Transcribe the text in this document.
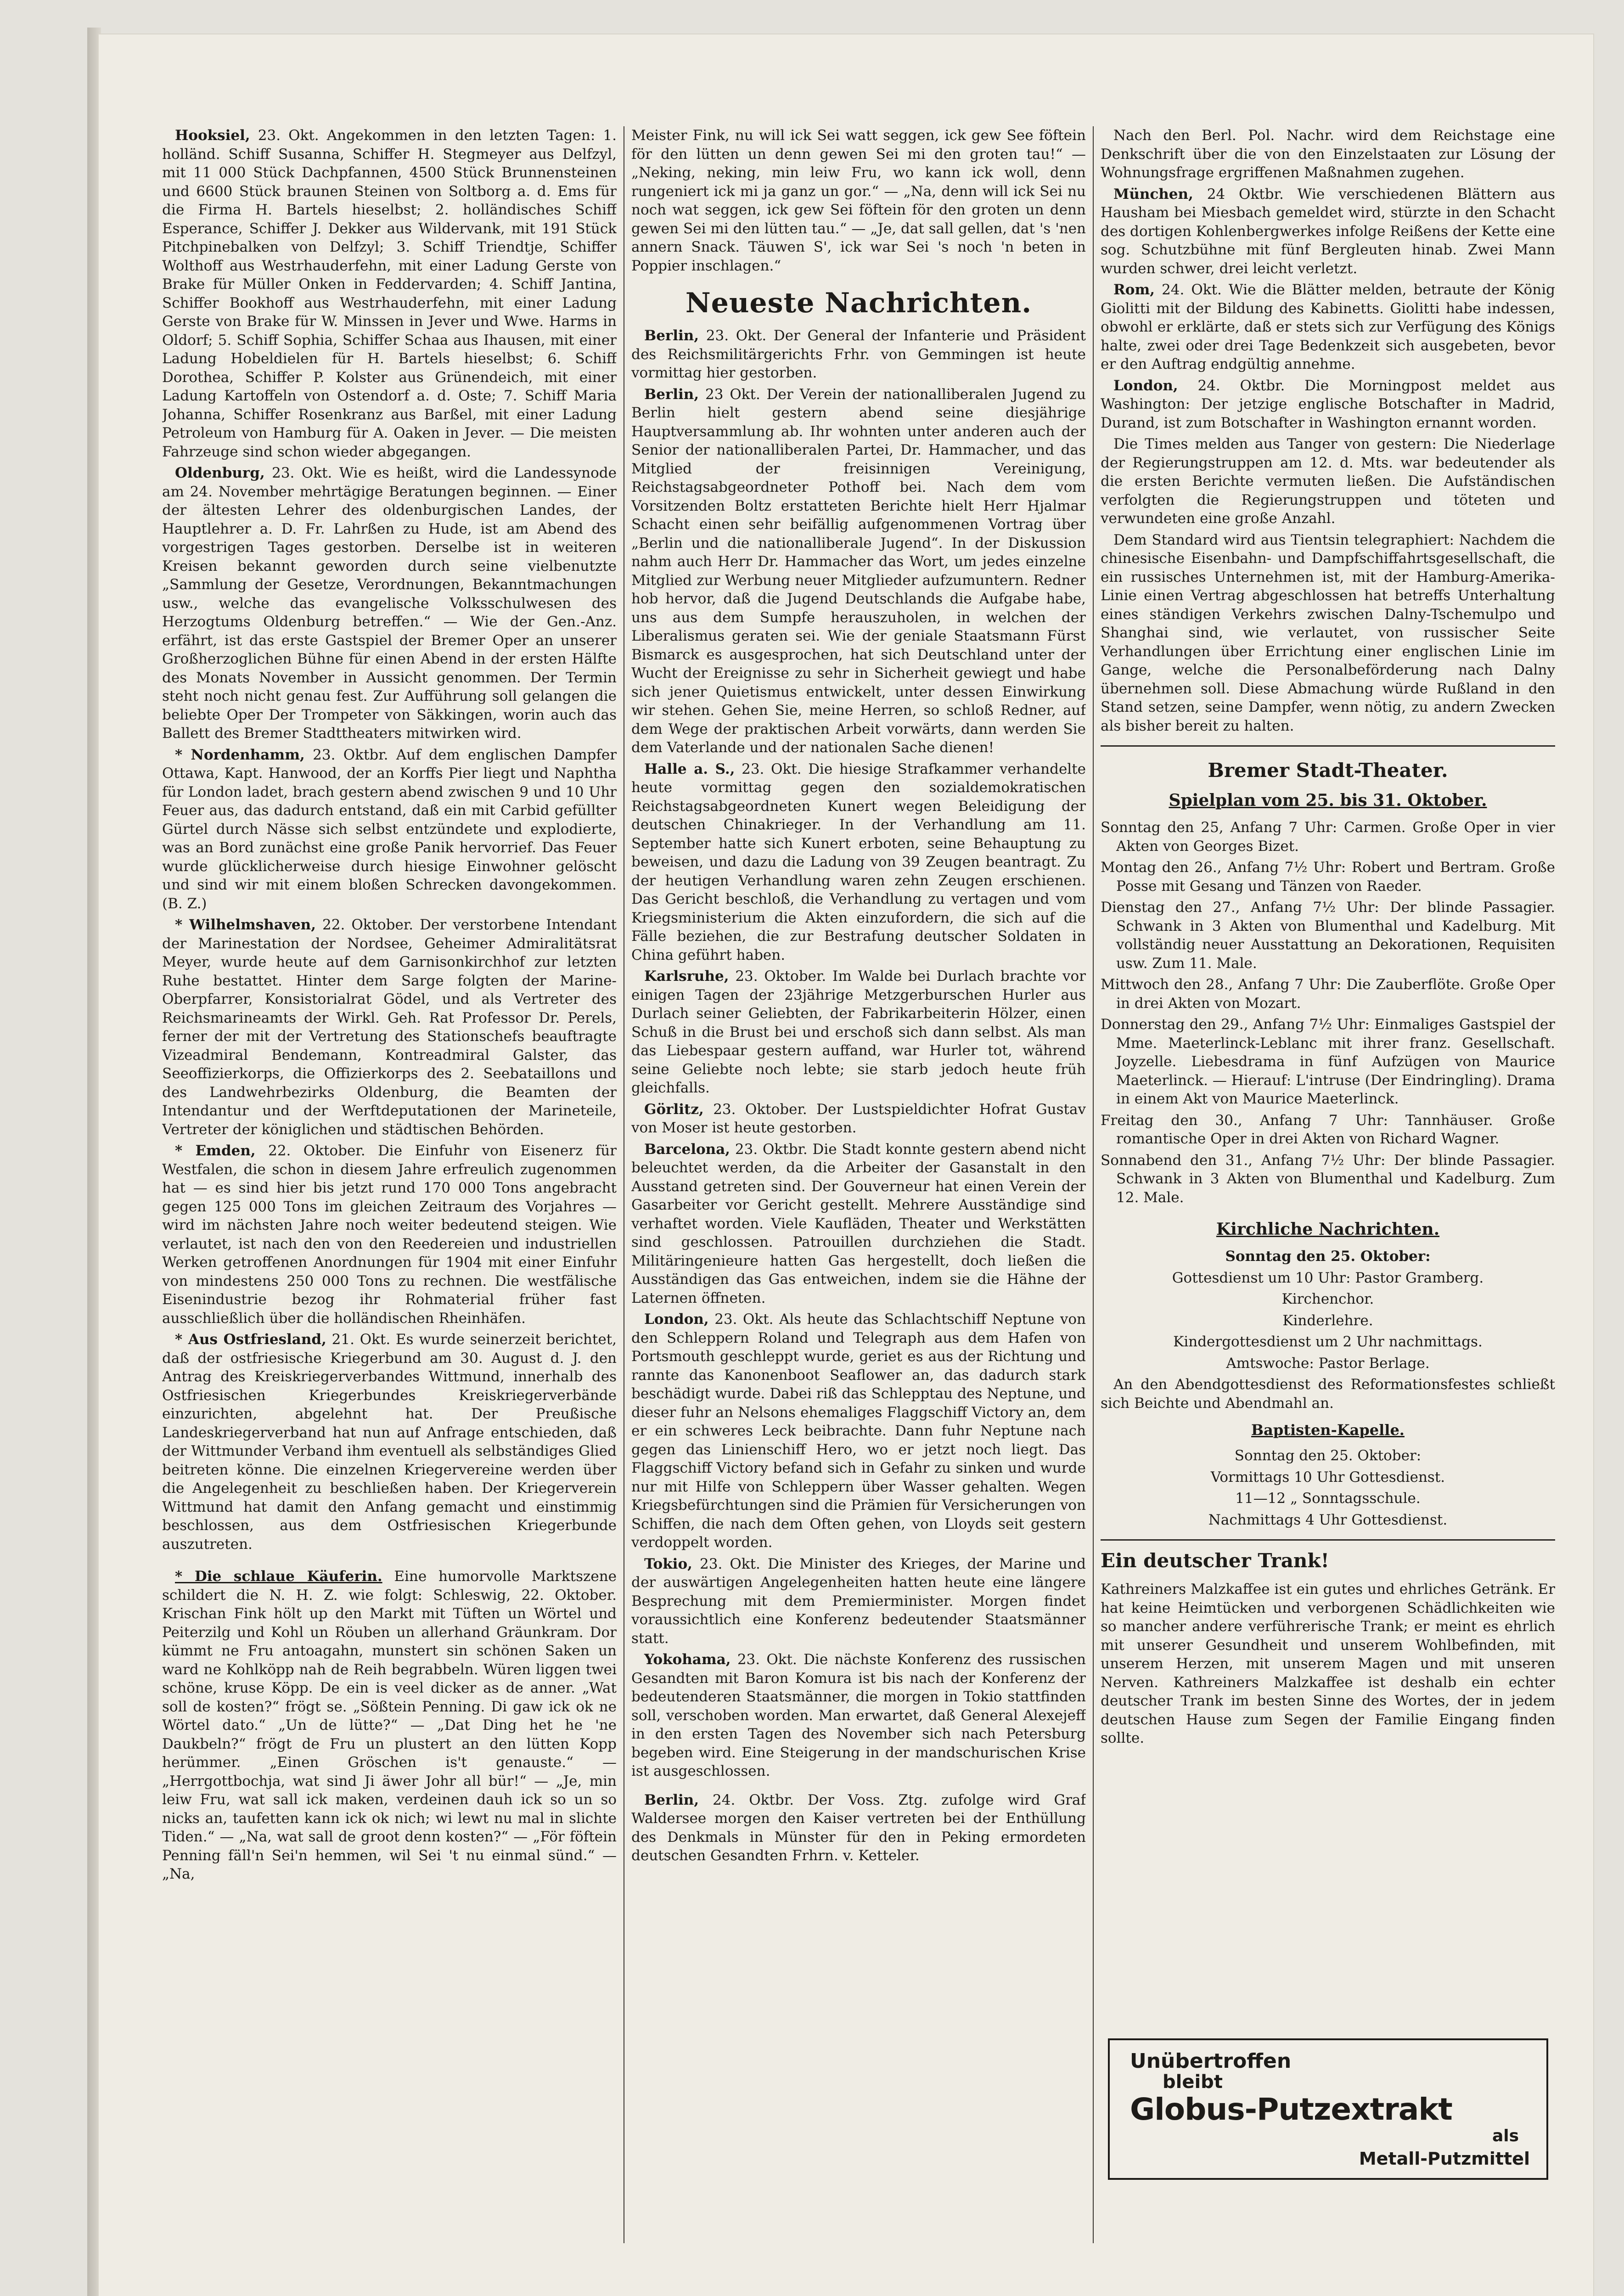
Hooksiel, 23. Okt. Angekommen in den letzten Tagen: 1. holländ. Schiff Susanna, Schiffer H. Stegmeyer aus Delfzyl, mit 11 000 Stück Dachpfannen, 4500 Stück Brunnensteinen und 6600 Stück braunen Steinen von Soltborg a. d. Ems für die Firma H. Bartels hieselbst; 2. holländisches Schiff Esperance, Schiffer J. Dekker aus Wildervank, mit 191 Stück Pitchpinebalken von Delfzyl; 3. Schiff Triendtje, Schiffer Wolthoff aus Westrhauderfehn, mit einer Ladung Gerste von Brake für Müller Onken in Feddervarden; 4. Schiff Jantina, Schiffer Bookhoff aus Westrhauderfehn, mit einer Ladung Gerste von Brake für W. Minssen in Jever und Wwe. Harms in Oldorf; 5. Schiff Sophia, Schiffer Schaa aus Ihausen, mit einer Ladung Hobeldielen für H. Bartels hieselbst; 6. Schiff Dorothea, Schiffer P. Kolster aus Grünendeich, mit einer Ladung Kartoffeln von Ostendorf a. d. Oste; 7. Schiff Maria Johanna, Schiffer Rosenkranz aus Barßel, mit einer Ladung Petroleum von Hamburg für A. Oaken in Jever. — Die meisten Fahrzeuge sind schon wieder abgegangen.

Oldenburg, 23. Okt. Wie es heißt, wird die Landessynode am 24. November mehrtägige Beratungen beginnen. — Einer der ältesten Lehrer des oldenburgischen Landes, der Hauptlehrer a. D. Fr. Lahrßen zu Hude, ist am Abend des vorgestrigen Tages gestorben. Derselbe ist in weiteren Kreisen bekannt geworden durch seine vielbenutzte „Sammlung der Gesetze, Verordnungen, Bekanntmachungen usw., welche das evangelische Volksschulwesen des Herzogtums Oldenburg betreffen.“ — Wie der Gen.-Anz. erfährt, ist das erste Gastspiel der Bremer Oper an unserer Großherzoglichen Bühne für einen Abend in der ersten Hälfte des Monats November in Aussicht genommen. Der Termin steht noch nicht genau fest. Zur Aufführung soll gelangen die beliebte Oper Der Trompeter von Säkkingen, worin auch das Ballett des Bremer Stadttheaters mitwirken wird.

* Nordenhamm, 23. Oktbr. Auf dem englischen Dampfer Ottawa, Kapt. Hanwood, der an Korffs Pier liegt und Naphtha für London ladet, brach gestern abend zwischen 9 und 10 Uhr Feuer aus, das dadurch entstand, daß ein mit Carbid gefüllter Gürtel durch Nässe sich selbst entzündete und explodierte, was an Bord zunächst eine große Panik hervorrief. Das Feuer wurde glücklicherweise durch hiesige Einwohner gelöscht und sind wir mit einem bloßen Schrecken davongekommen. (B. Z.)

* Wilhelmshaven, 22. Oktober. Der verstorbene Intendant der Marinestation der Nordsee, Geheimer Admiralitätsrat Meyer, wurde heute auf dem Garnisonkirchhof zur letzten Ruhe bestattet. Hinter dem Sarge folgten der Marine-Oberpfarrer, Konsistorialrat Gödel, und als Vertreter des Reichsmarineamts der Wirkl. Geh. Rat Professor Dr. Perels, ferner der mit der Vertretung des Stationschefs beauftragte Vizeadmiral Bendemann, Kontreadmiral Galster, das Seeoffizierkorps, die Offizierkorps des 2. Seebataillons und des Landwehrbezirks Oldenburg, die Beamten der Intendantur und der Werftdeputationen der Marineteile, Vertreter der königlichen und städtischen Behörden.

* Emden, 22. Oktober. Die Einfuhr von Eisenerz für Westfalen, die schon in diesem Jahre erfreulich zugenommen hat — es sind hier bis jetzt rund 170 000 Tons angebracht gegen 125 000 Tons im gleichen Zeitraum des Vorjahres — wird im nächsten Jahre noch weiter bedeutend steigen. Wie verlautet, ist nach den von den Reedereien und industriellen Werken getroffenen Anordnungen für 1904 mit einer Einfuhr von mindestens 250 000 Tons zu rechnen. Die westfälische Eisenindustrie bezog ihr Rohmaterial früher fast ausschließlich über die holländischen Rheinhäfen.

* Aus Ostfriesland, 21. Okt. Es wurde seinerzeit berichtet, daß der ostfriesische Kriegerbund am 30. August d. J. den Antrag des Kreiskriegerverbandes Wittmund, innerhalb des Ostfriesischen Kriegerbundes Kreiskriegerverbände einzurichten, abgelehnt hat. Der Preußische Landeskriegerverband hat nun auf Anfrage entschieden, daß der Wittmunder Verband ihm eventuell als selbständiges Glied beitreten könne. Die einzelnen Kriegervereine werden über die Angelegenheit zu beschließen haben. Der Kriegerverein Wittmund hat damit den Anfang gemacht und einstimmig beschlossen, aus dem Ostfriesischen Kriegerbunde auszutreten.

* Die schlaue Käuferin. Eine humorvolle Marktszene schildert die N. H. Z. wie folgt: Schleswig, 22. Oktober. Krischan Fink hölt up den Markt mit Tüften un Wörtel und Peiterzilg und Kohl un Röuben un allerhand Gräunkram. Dor kümmt ne Fru antoagahn, munstert sin schönen Saken un ward ne Kohlköpp nah de Reih begrabbeln. Würen liggen twei schöne, kruse Köpp. De ein is veel dicker as de anner. „Wat soll de kosten?“ frögt se. „Sößtein Penning. Di gaw ick ok ne Wörtel dato.“ „Un de lütte?“ — „Dat Ding het he 'ne Daukbeln?“ frögt de Fru un plustert an den lütten Kopp herümmer. „Einen Gröschen is't genauste.“ — „Herrgottbochja, wat sind Ji äwer Johr all bür!“ — „Je, min leiw Fru, wat sall ick maken, verdeinen dauh ick so un so nicks an, taufetten kann ick ok nich; wi lewt nu mal in slichte Tiden.“ — „Na, wat sall de groot denn kosten?“ — „För föftein Penning fäll'n Sei'n hemmen, wil Sei 't nu einmal sünd.“ — „Na,

Meister Fink, nu will ick Sei watt seggen, ick gew See föftein för den lütten un denn gewen Sei mi den groten tau!“ — „Neking, neking, min leiw Fru, wo kann ick woll, denn rungeniert ick mi ja ganz un gor.“ — „Na, denn will ick Sei nu noch wat seggen, ick gew Sei föftein för den groten un denn gewen Sei mi den lütten tau.“ — „Je, dat sall gellen, dat 's 'nen annern Snack. Täuwen S', ick war Sei 's noch 'n beten in Poppier inschlagen.“

Neueste Nachrichten.

Berlin, 23. Okt. Der General der Infanterie und Präsident des Reichsmilitärgerichts Frhr. von Gemmingen ist heute vormittag hier gestorben.

Berlin, 23 Okt. Der Verein der nationalliberalen Jugend zu Berlin hielt gestern abend seine diesjährige Hauptversammlung ab. Ihr wohnten unter anderen auch der Senior der nationalliberalen Partei, Dr. Hammacher, und das Mitglied der freisinnigen Vereinigung, Reichstagsabgeordneter Pothoff bei. Nach dem vom Vorsitzenden Boltz erstatteten Berichte hielt Herr Hjalmar Schacht einen sehr beifällig aufgenommenen Vortrag über „Berlin und die nationalliberale Jugend“. In der Diskussion nahm auch Herr Dr. Hammacher das Wort, um jedes einzelne Mitglied zur Werbung neuer Mitglieder aufzumuntern. Redner hob hervor, daß die Jugend Deutschlands die Aufgabe habe, uns aus dem Sumpfe herauszuholen, in welchen der Liberalismus geraten sei. Wie der geniale Staatsmann Fürst Bismarck es ausgesprochen, hat sich Deutschland unter der Wucht der Ereignisse zu sehr in Sicherheit gewiegt und habe sich jener Quietismus entwickelt, unter dessen Einwirkung wir stehen. Gehen Sie, meine Herren, so schloß Redner, auf dem Wege der praktischen Arbeit vorwärts, dann werden Sie dem Vaterlande und der nationalen Sache dienen!

Halle a. S., 23. Okt. Die hiesige Strafkammer verhandelte heute vormittag gegen den sozialdemokratischen Reichstagsabgeordneten Kunert wegen Beleidigung der deutschen Chinakrieger. In der Verhandlung am 11. September hatte sich Kunert erboten, seine Behauptung zu beweisen, und dazu die Ladung von 39 Zeugen beantragt. Zu der heutigen Verhandlung waren zehn Zeugen erschienen. Das Gericht beschloß, die Verhandlung zu vertagen und vom Kriegsministerium die Akten einzufordern, die sich auf die Fälle beziehen, die zur Bestrafung deutscher Soldaten in China geführt haben.

Karlsruhe, 23. Oktober. Im Walde bei Durlach brachte vor einigen Tagen der 23jährige Metzgerburschen Hurler aus Durlach seiner Geliebten, der Fabrikarbeiterin Hölzer, einen Schuß in die Brust bei und erschoß sich dann selbst. Als man das Liebespaar gestern auffand, war Hurler tot, während seine Geliebte noch lebte; sie starb jedoch heute früh gleichfalls.

Görlitz, 23. Oktober. Der Lustspieldichter Hofrat Gustav von Moser ist heute gestorben.

Barcelona, 23. Oktbr. Die Stadt konnte gestern abend nicht beleuchtet werden, da die Arbeiter der Gasanstalt in den Ausstand getreten sind. Der Gouverneur hat einen Verein der Gasarbeiter vor Gericht gestellt. Mehrere Ausständige sind verhaftet worden. Viele Kaufläden, Theater und Werkstätten sind geschlossen. Patrouillen durchziehen die Stadt. Militäringenieure hatten Gas hergestellt, doch ließen die Ausständigen das Gas entweichen, indem sie die Hähne der Laternen öffneten.

London, 23. Okt. Als heute das Schlachtschiff Neptune von den Schleppern Roland und Telegraph aus dem Hafen von Portsmouth geschleppt wurde, geriet es aus der Richtung und rannte das Kanonenboot Seaflower an, das dadurch stark beschädigt wurde. Dabei riß das Schlepptau des Neptune, und dieser fuhr an Nelsons ehemaliges Flaggschiff Victory an, dem er ein schweres Leck beibrachte. Dann fuhr Neptune nach gegen das Linienschiff Hero, wo er jetzt noch liegt. Das Flaggschiff Victory befand sich in Gefahr zu sinken und wurde nur mit Hilfe von Schleppern über Wasser gehalten. Wegen Kriegsbefürchtungen sind die Prämien für Versicherungen von Schiffen, die nach dem Often gehen, von Lloyds seit gestern verdoppelt worden.

Tokio, 23. Okt. Die Minister des Krieges, der Marine und der auswärtigen Angelegenheiten hatten heute eine längere Besprechung mit dem Premierminister. Morgen findet voraussichtlich eine Konferenz bedeutender Staatsmänner statt.

Yokohama, 23. Okt. Die nächste Konferenz des russischen Gesandten mit Baron Komura ist bis nach der Konferenz der bedeutenderen Staatsmänner, die morgen in Tokio stattfinden soll, verschoben worden. Man erwartet, daß General Alexejeff in den ersten Tagen des November sich nach Petersburg begeben wird. Eine Steigerung in der mandschurischen Krise ist ausgeschlossen.

Berlin, 24. Oktbr. Der Voss. Ztg. zufolge wird Graf Waldersee morgen den Kaiser vertreten bei der Enthüllung des Denkmals in Münster für den in Peking ermordeten deutschen Gesandten Frhrn. v. Ketteler.

Nach den Berl. Pol. Nachr. wird dem Reichstage eine Denkschrift über die von den Einzelstaaten zur Lösung der Wohnungsfrage ergriffenen Maßnahmen zugehen.

München, 24 Oktbr. Wie verschiedenen Blättern aus Hausham bei Miesbach gemeldet wird, stürzte in den Schacht des dortigen Kohlenbergwerkes infolge Reißens der Kette eine sog. Schutzbühne mit fünf Bergleuten hinab. Zwei Mann wurden schwer, drei leicht verletzt.

Rom, 24. Okt. Wie die Blätter melden, betraute der König Giolitti mit der Bildung des Kabinetts. Giolitti habe indessen, obwohl er erklärte, daß er stets sich zur Verfügung des Königs halte, zwei oder drei Tage Bedenkzeit sich ausgebeten, bevor er den Auftrag endgültig annehme.

London, 24. Oktbr. Die Morningpost meldet aus Washington: Der jetzige englische Botschafter in Madrid, Durand, ist zum Botschafter in Washington ernannt worden.

Die Times melden aus Tanger von gestern: Die Niederlage der Regierungstruppen am 12. d. Mts. war bedeutender als die ersten Berichte vermuten ließen. Die Aufständischen verfolgten die Regierungstruppen und töteten und verwundeten eine große Anzahl.

Dem Standard wird aus Tientsin telegraphiert: Nachdem die chinesische Eisenbahn- und Dampfschiffahrtsgesellschaft, die ein russisches Unternehmen ist, mit der Hamburg-Amerika-Linie einen Vertrag abgeschlossen hat betreffs Unterhaltung eines ständigen Verkehrs zwischen Dalny-Tschemulpo und Shanghai sind, wie verlautet, von russischer Seite Verhandlungen über Errichtung einer englischen Linie im Gange, welche die Personalbeförderung nach Dalny übernehmen soll. Diese Abmachung würde Rußland in den Stand setzen, seine Dampfer, wenn nötig, zu andern Zwecken als bisher bereit zu halten.

Bremer Stadt-Theater.
Spielplan vom 25. bis 31. Oktober.

Sonntag den 25, Anfang 7 Uhr: Carmen. Große Oper in vier Akten von Georges Bizet.

Montag den 26., Anfang 7½ Uhr: Robert und Bertram. Große Posse mit Gesang und Tänzen von Raeder.

Dienstag den 27., Anfang 7½ Uhr: Der blinde Passagier. Schwank in 3 Akten von Blumenthal und Kadelburg. Mit vollständig neuer Ausstattung an Dekorationen, Requisiten usw. Zum 11. Male.

Mittwoch den 28., Anfang 7 Uhr: Die Zauberflöte. Große Oper in drei Akten von Mozart.

Donnerstag den 29., Anfang 7½ Uhr: Einmaliges Gastspiel der Mme. Maeterlinck-Leblanc mit ihrer franz. Gesellschaft. Joyzelle. Liebesdrama in fünf Aufzügen von Maurice Maeterlinck. — Hierauf: L'intruse (Der Eindringling). Drama in einem Akt von Maurice Maeterlinck.

Freitag den 30., Anfang 7 Uhr: Tannhäuser. Große romantische Oper in drei Akten von Richard Wagner.

Sonnabend den 31., Anfang 7½ Uhr: Der blinde Passagier. Schwank in 3 Akten von Blumenthal und Kadelburg. Zum 12. Male.

Kirchliche Nachrichten.

Sonntag den 25. Oktober:

Gottesdienst um 10 Uhr: Pastor Gramberg.

Kirchenchor.

Kinderlehre.

Kindergottesdienst um 2 Uhr nachmittags.

Amtswoche: Pastor Berlage.

An den Abendgottesdienst des Reformationsfestes schließt sich Beichte und Abendmahl an.

Baptisten-Kapelle.

Sonntag den 25. Oktober:

Vormittags 10 Uhr Gottesdienst.

11—12 „ Sonntagsschule.

Nachmittags 4 Uhr Gottesdienst.

Ein deutscher Trank!

Kathreiners Malzkaffee ist ein gutes und ehrliches Getränk. Er hat keine Heimtücken und verborgenen Schädlichkeiten wie so mancher andere verführerische Trank; er meint es ehrlich mit unserer Gesundheit und unserem Wohlbefinden, mit unserem Herzen, mit unserem Magen und mit unseren Nerven. Kathreiners Malzkaffee ist deshalb ein echter deutscher Trank im besten Sinne des Wortes, der in jedem deutschen Hause zum Segen der Familie Eingang finden sollte.

Unübertroffen
bleibt
Globus-Putzextrakt
als
Metall-Putzmittel
